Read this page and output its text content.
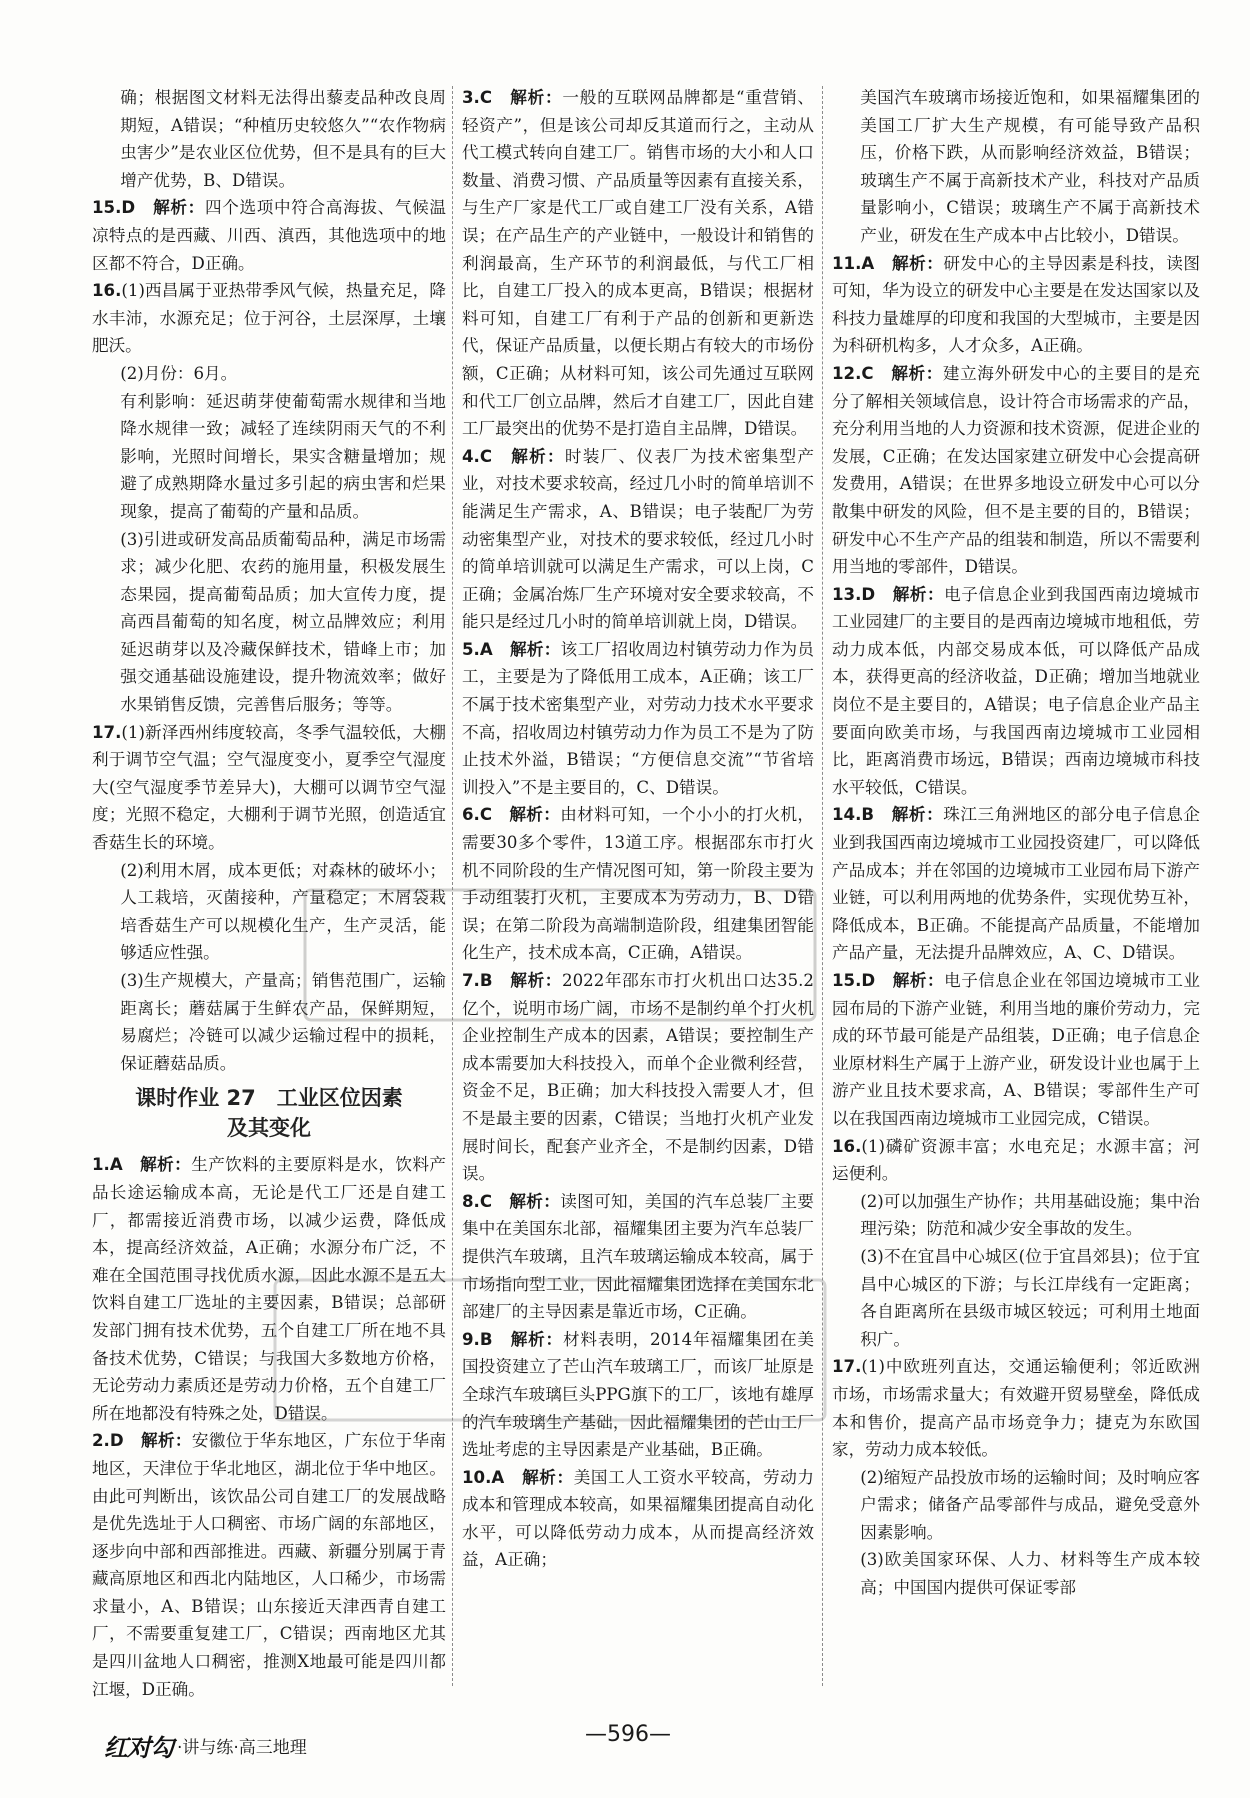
确；根据图文材料无法得出藜麦品种改良周期短，A错误；“种植历史较悠久”“农作物病虫害少”是农业区位优势，但不是具有的巨大增产优势，B、D错误。

15.D　 解析：四个选项中符合高海拔、气候温凉特点的是西藏、川西、滇西，其他选项中的地区都不符合，D正确。

16.(1)西昌属于亚热带季风气候，热量充足，降水丰沛，水源充足；位于河谷，土层深厚，土壤肥沃。

(2)月份：6月。

有利影响：延迟萌芽使葡萄需水规律和当地降水规律一致；减轻了连续阴雨天气的不利影响，光照时间增长，果实含糖量增加；规避了成熟期降水量过多引起的病虫害和烂果现象，提高了葡萄的产量和品质。

(3)引进或研发高品质葡萄品种，满足市场需求；减少化肥、农药的施用量，积极发展生态果园，提高葡萄品质；加大宣传力度，提高西昌葡萄的知名度，树立品牌效应；利用延迟萌芽以及冷藏保鲜技术，错峰上市；加强交通基础设施建设，提升物流效率；做好水果销售反馈，完善售后服务；等等。

17.(1)新泽西州纬度较高，冬季气温较低，大棚利于调节空气温；空气湿度变小，夏季空气湿度大(空气湿度季节差异大)，大棚可以调节空气湿度；光照不稳定，大棚利于调节光照，创造适宜香菇生长的环境。

(2)利用木屑，成本更低；对森林的破坏小；人工栽培，灭菌接种，产量稳定；木屑袋栽培香菇生产可以规模化生产，生产灵活，能够适应性强。

(3)生产规模大，产量高；销售范围广，运输距离长；蘑菇属于生鲜农产品，保鲜期短，易腐烂；冷链可以减少运输过程中的损耗，保证蘑菇品质。

课时作业 27　工业区位因素
及其变化

1.A　 解析：生产饮料的主要原料是水，饮料产品长途运输成本高，无论是代工厂还是自建工厂，都需接近消费市场，以减少运费，降低成本，提高经济效益，A正确；水源分布广泛，不难在全国范围寻找优质水源，因此水源不是五大饮料自建工厂选址的主要因素，B错误；总部研发部门拥有技术优势，五个自建工厂所在地不具备技术优势，C错误；与我国大多数地方价格，无论劳动力素质还是劳动力价格，五个自建工厂所在地都没有特殊之处，D错误。

2.D　 解析：安徽位于华东地区，广东位于华南地区，天津位于华北地区，湖北位于华中地区。由此可判断出，该饮品公司自建工厂的发展战略是优先选址于人口稠密、市场广阔的东部地区，逐步向中部和西部推进。西藏、新疆分别属于青藏高原地区和西北内陆地区，人口稀少，市场需求量小，A、B错误；山东接近天津西青自建工厂，不需要重复建工厂，C错误；西南地区尤其是四川盆地人口稠密，推测X地最可能是四川都江堰，D正确。

3.C　 解析：一般的互联网品牌都是“重营销、轻资产”，但是该公司却反其道而行之，主动从代工模式转向自建工厂。销售市场的大小和人口数量、消费习惯、产品质量等因素有直接关系，与生产厂家是代工厂或自建工厂没有关系，A错误；在产品生产的产业链中，一般设计和销售的利润最高，生产环节的利润最低，与代工厂相比，自建工厂投入的成本更高，B错误；根据材料可知，自建工厂有利于产品的创新和更新迭代，保证产品质量，以便长期占有较大的市场份额，C正确；从材料可知，该公司先通过互联网和代工厂创立品牌，然后才自建工厂，因此自建工厂最突出的优势不是打造自主品牌，D错误。

4.C　 解析：时装厂、仪表厂为技术密集型产业，对技术要求较高，经过几小时的简单培训不能满足生产需求，A、B错误；电子装配厂为劳动密集型产业，对技术的要求较低，经过几小时的简单培训就可以满足生产需求，可以上岗，C正确；金属冶炼厂生产环境对安全要求较高，不能只是经过几小时的简单培训就上岗，D错误。

5.A　 解析：该工厂招收周边村镇劳动力作为员工，主要是为了降低用工成本，A正确；该工厂不属于技术密集型产业，对劳动力技术水平要求不高，招收周边村镇劳动力作为员工不是为了防止技术外溢，B错误；“方便信息交流”“节省培训投入”不是主要目的，C、D错误。

6.C　 解析：由材料可知，一个小小的打火机，需要30多个零件，13道工序。根据邵东市打火机不同阶段的生产情况图可知，第一阶段主要为手动组装打火机，主要成本为劳动力，B、D错误；在第二阶段为高端制造阶段，组建集团智能化生产，技术成本高，C正确，A错误。

7.B　 解析：2022年邵东市打火机出口达35.2亿个，说明市场广阔，市场不是制约单个打火机企业控制生产成本的因素，A错误；要控制生产成本需要加大科技投入，而单个企业微利经营，资金不足，B正确；加大科技投入需要人才，但不是最主要的因素，C错误；当地打火机产业发展时间长，配套产业齐全，不是制约因素，D错误。

8.C　 解析：读图可知，美国的汽车总装厂主要集中在美国东北部，福耀集团主要为汽车总装厂提供汽车玻璃，且汽车玻璃运输成本较高，属于市场指向型工业，因此福耀集团选择在美国东北部建厂的主导因素是靠近市场，C正确。

9.B　 解析：材料表明，2014年福耀集团在美国投资建立了芒山汽车玻璃工厂，而该厂址原是全球汽车玻璃巨头PPG旗下的工厂，该地有雄厚的汽车玻璃生产基础，因此福耀集团的芒山工厂选址考虑的主导因素是产业基础，B正确。

10.A　 解析：美国工人工资水平较高，劳动力成本和管理成本较高，如果福耀集团提高自动化水平，可以降低劳动力成本，从而提高经济效益，A正确；

美国汽车玻璃市场接近饱和，如果福耀集团的美国工厂扩大生产规模，有可能导致产品积压，价格下跌，从而影响经济效益，B错误；玻璃生产不属于高新技术产业，科技对产品质量影响小，C错误；玻璃生产不属于高新技术产业，研发在生产成本中占比较小，D错误。

11.A　 解析：研发中心的主导因素是科技，读图可知，华为设立的研发中心主要是在发达国家以及科技力量雄厚的印度和我国的大型城市，主要是因为科研机构多，人才众多，A正确。

12.C　 解析：建立海外研发中心的主要目的是充分了解相关领域信息，设计符合市场需求的产品，充分利用当地的人力资源和技术资源，促进企业的发展，C正确；在发达国家建立研发中心会提高研发费用，A错误；在世界多地设立研发中心可以分散集中研发的风险，但不是主要的目的，B错误；研发中心不生产产品的组装和制造，所以不需要利用当地的零部件，D错误。

13.D　 解析：电子信息企业到我国西南边境城市工业园建厂的主要目的是西南边境城市地租低，劳动力成本低，内部交易成本低，可以降低产品成本，获得更高的经济收益，D正确；增加当地就业岗位不是主要目的，A错误；电子信息企业产品主要面向欧美市场，与我国西南边境城市工业园相比，距离消费市场远，B错误；西南边境城市科技水平较低，C错误。

14.B　 解析：珠江三角洲地区的部分电子信息企业到我国西南边境城市工业园投资建厂，可以降低产品成本；并在邻国的边境城市工业园布局下游产业链，可以利用两地的优势条件，实现优势互补，降低成本，B正确。不能提高产品质量，不能增加产品产量，无法提升品牌效应，A、C、D错误。

15.D　 解析：电子信息企业在邻国边境城市工业园布局的下游产业链，利用当地的廉价劳动力，完成的环节最可能是产品组装，D正确；电子信息企业原材料生产属于上游产业，研发设计业也属于上游产业且技术要求高，A、B错误；零部件生产可以在我国西南边境城市工业园完成，C错误。

16.(1)磷矿资源丰富；水电充足；水源丰富；河运便利。

(2)可以加强生产协作；共用基础设施；集中治理污染；防范和减少安全事故的发生。

(3)不在宜昌中心城区(位于宜昌郊县)；位于宜昌中心城区的下游；与长江岸线有一定距离；各自距离所在县级市城区较远；可利用土地面积广。

17.(1)中欧班列直达，交通运输便利；邻近欧洲市场，市场需求量大；有效避开贸易壁垒，降低成本和售价，提高产品市场竞争力；捷克为东欧国家，劳动力成本较低。

(2)缩短产品投放市场的运输时间；及时响应客户需求；储备产品零部件与成品，避免受意外因素影响。

(3)欧美国家环保、人力、材料等生产成本较高；中国国内提供可保证零部

红对勾 ·讲与练·高三地理
—596—
